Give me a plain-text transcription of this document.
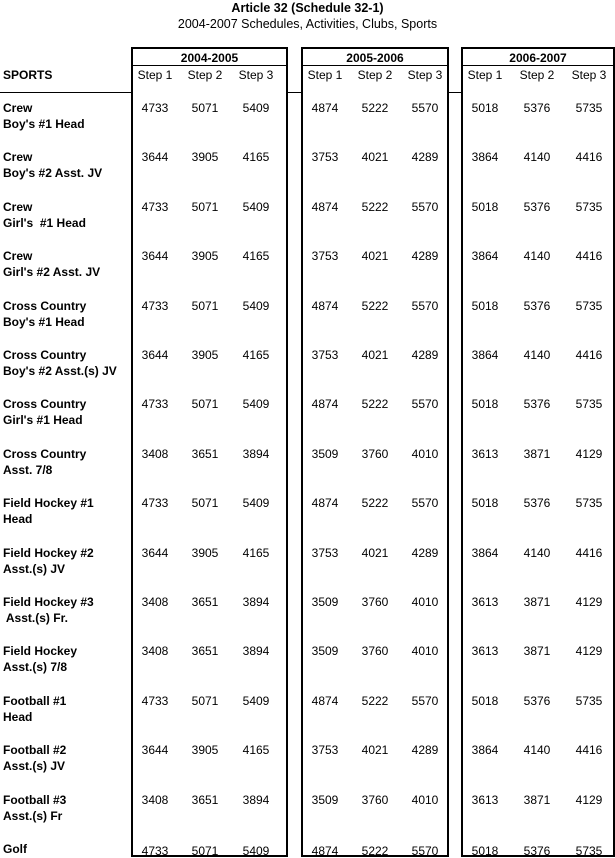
Article 32 (Schedule 32-1)
2004-2007 Schedules, Activities, Clubs, Sports
2004-2005	2005-2006	2006-2007
SPORTS	Step 1	Step 2	Step 3	Step 1	Step 2	Step 3	Step 1	Step 2	Step 3
Crew
Boy's #1 Head
4733	5071	5409	4874	5222	5570	5018	5376	5735
Crew
Boy's #2 Asst. JV
3644	3905	4165	3753	4021	4289	3864	4140	4416
Crew
Girl's  #1 Head
4733	5071	5409	4874	5222	5570	5018	5376	5735
Crew
Girl's #2 Asst. JV
3644	3905	4165	3753	4021	4289	3864	4140	4416
Cross Country
Boy's #1 Head
4733	5071	5409	4874	5222	5570	5018	5376	5735
Cross Country
Boy's #2 Asst.(s) JV
3644	3905	4165	3753	4021	4289	3864	4140	4416
Cross Country
Girl's #1 Head
4733	5071	5409	4874	5222	5570	5018	5376	5735
Cross Country
Asst. 7/8
3408	3651	3894	3509	3760	4010	3613	3871	4129
Field Hockey #1
Head
4733	5071	5409	4874	5222	5570	5018	5376	5735
Field Hockey #2
Asst.(s) JV
3644	3905	4165	3753	4021	4289	3864	4140	4416
Field Hockey #3
Asst.(s) Fr.
3408	3651	3894	3509	3760	4010	3613	3871	4129
Field Hockey
Asst.(s) 7/8
3408	3651	3894	3509	3760	4010	3613	3871	4129
Football #1
Head
4733	5071	5409	4874	5222	5570	5018	5376	5735
Football #2
Asst.(s) JV
3644	3905	4165	3753	4021	4289	3864	4140	4416
Football #3
Asst.(s) Fr
3408	3651	3894	3509	3760	4010	3613	3871	4129
Golf	4733	5071	5409	4874	5222	5570	5018	5376	5735
